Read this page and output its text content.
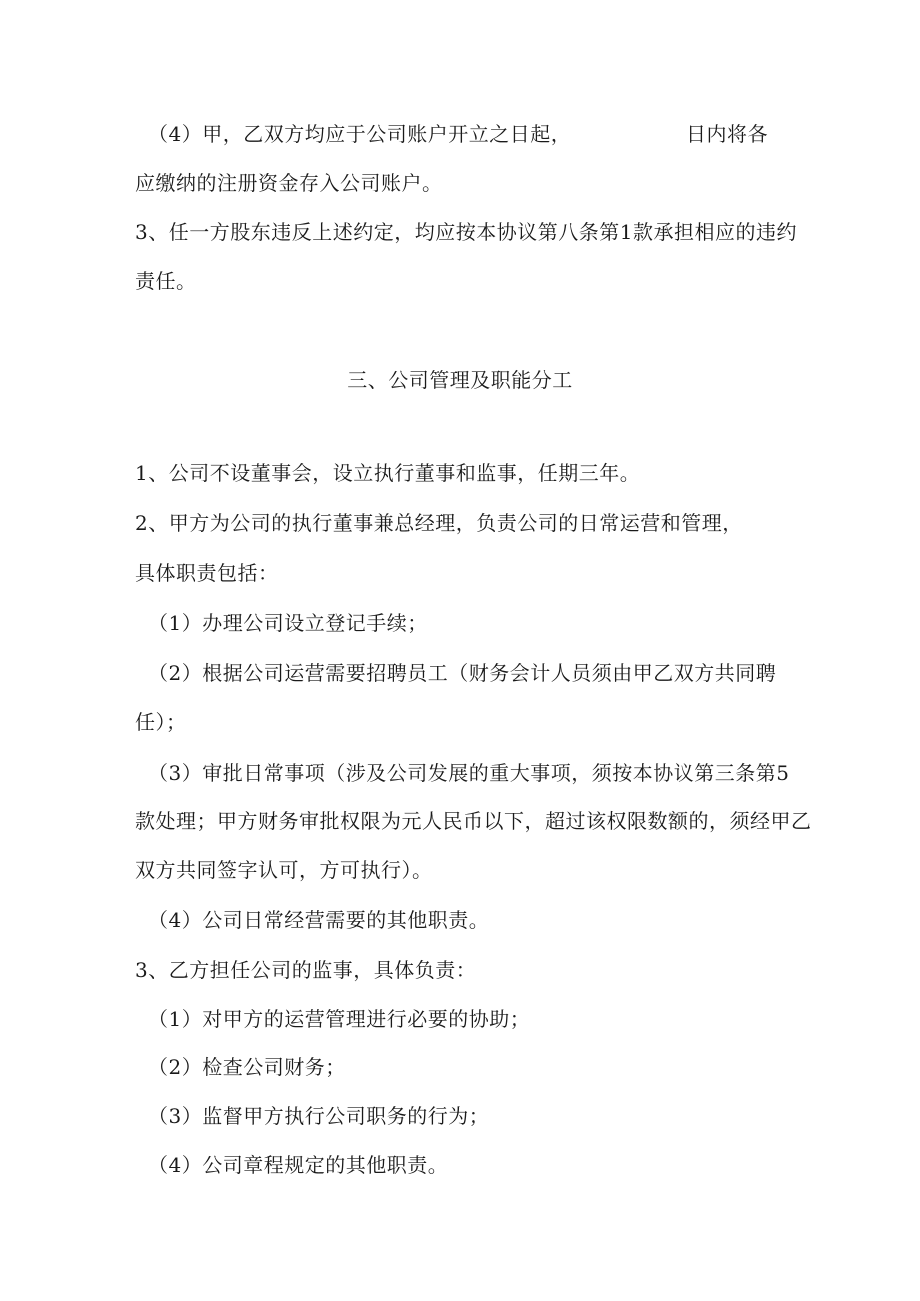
（4）甲，乙双方均应于公司账户开立之日起，	日内将各
应缴纳的注册资金存入公司账户。
3、任一方股东违反上述约定，均应按本协议第八条第1款承担相应的违约
责任。
三、公司管理及职能分工
1、公司不设董事会，设立执行董事和监事，任期三年。
2、甲方为公司的执行董事兼总经理，负责公司的日常运营和管理，
具体职责包括：
（1）办理公司设立登记手续；
（2）根据公司运营需要招聘员工（财务会计人员须由甲乙双方共同聘
任）；
（3）审批日常事项（涉及公司发展的重大事项，须按本协议第三条第5
款处理；甲方财务审批权限为元人民币以下，超过该权限数额的，须经甲乙
双方共同签字认可，方可执行）。
（4）公司日常经营需要的其他职责。
3、乙方担任公司的监事，具体负责：
（1）对甲方的运营管理进行必要的协助；
（2）检查公司财务；
（3）监督甲方执行公司职务的行为；
（4）公司章程规定的其他职责。
